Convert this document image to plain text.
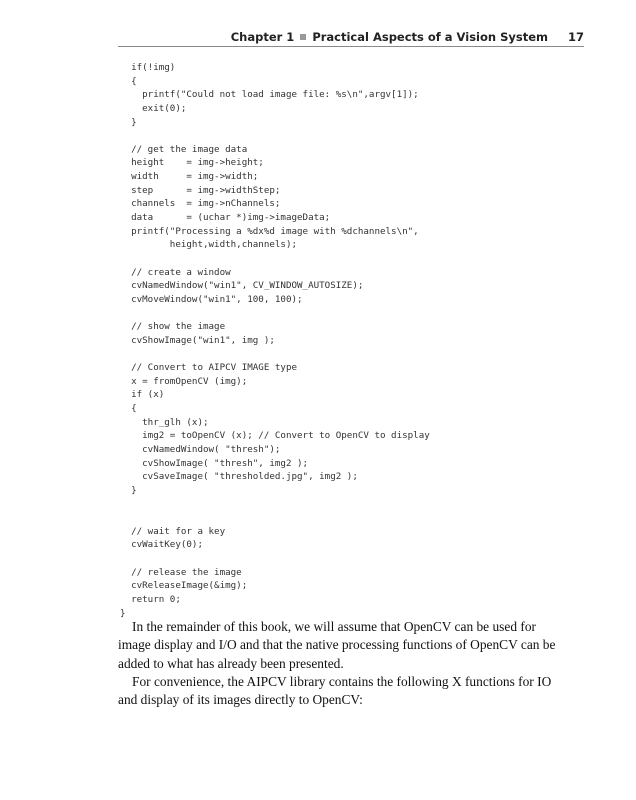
Chapter 1 Practical Aspects of a Vision System 17
if(!img)
{
printf("Could not load image file: %s\n",argv[1]);
exit(0);
}
// get the image data
height    = img->height;
width     = img->width;
step      = img->widthStep;
channels  = img->nChannels;
data      = (uchar *)img->imageData;
printf("Processing a %dx%d image with %dchannels\n",
height,width,channels);
// create a window
cvNamedWindow("win1", CV_WINDOW_AUTOSIZE);
cvMoveWindow("win1", 100, 100);
// show the image
cvShowImage("win1", img );
// Convert to AIPCV IMAGE type
x = fromOpenCV (img);
if (x)
{
thr_glh (x);
img2 = toOpenCV (x); // Convert to OpenCV to display
cvNamedWindow( "thresh");
cvShowImage( "thresh", img2 );
cvSaveImage( "thresholded.jpg", img2 );
}
// wait for a key
cvWaitKey(0);
// release the image
cvReleaseImage(&img);
return 0;
}

In the remainder of this book, we will assume that OpenCV can be used for image display and I/O and that the native processing functions of OpenCV can be added to what has already been presented.

For convenience, the AIPCV library contains the following X functions for IO and display of its images directly to OpenCV:
